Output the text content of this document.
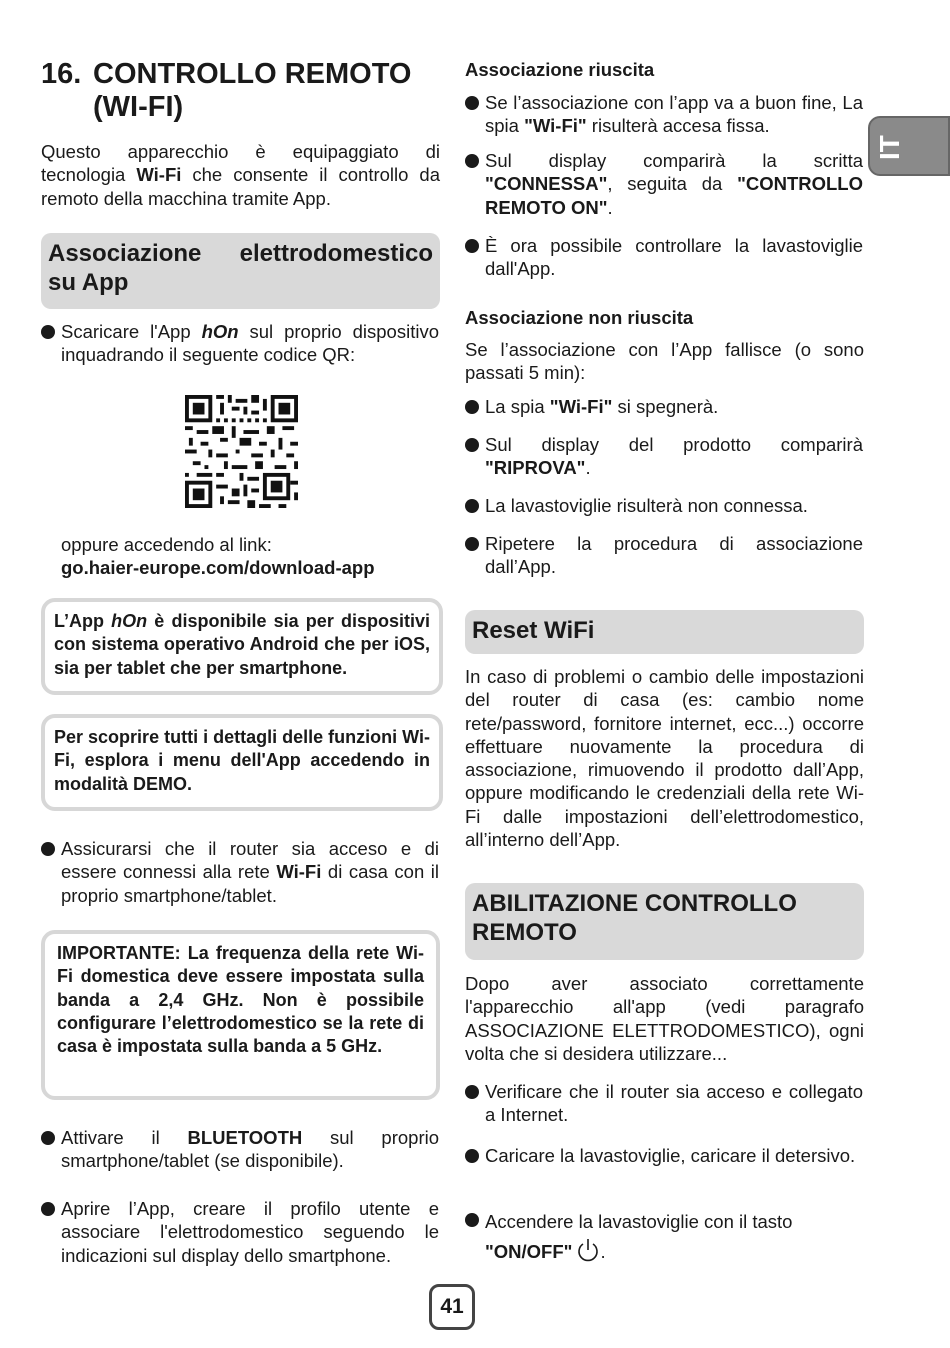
16. CONTROLLO REMOTO
(WI-FI)

Questo apparecchio è equipaggiato di tecnologia Wi-Fi che consente il controllo da remoto della macchina tramite App.

Associazione elettrodomestico su App
Scaricare l'App hOn sul proprio dispositivo inquadrando il seguente codice QR:

oppure accedendo al link:

go.haier-europe.com/download-app

L’App hOn è disponibile sia per dispositivi con sistema operativo Android che per iOS, sia per tablet che per smartphone.
Per scoprire tutti i dettagli delle funzioni Wi-Fi, esplora i menu dell'App accedendo in modalità DEMO.
Assicurarsi che il router sia acceso e di essere connessi alla rete Wi-Fi di casa con il proprio smartphone/tablet.
IMPORTANTE: La frequenza della rete Wi-Fi domestica deve essere impostata sulla banda a 2,4 GHz. Non è possibile configurare l’elettrodomestico se la rete di casa è impostata sulla banda a 5 GHz.
Attivare il BLUETOOTH sul proprio smartphone/tablet (se disponibile).
Aprire l’App, creare il profilo utente e associare l'elettrodomestico seguendo le indicazioni sul display dello smartphone.
Associazione riuscita
Se l’associazione con l’app va a buon fine, La spia "Wi-Fi" risulterà accesa fissa.
Sul display comparirà la scritta "CONNESSA", seguita da "CONTROLLO REMOTO ON".
È ora possibile controllare la lavastoviglie dall'App.
Associazione non riuscita

Se l’associazione con l’App fallisce (o sono passati 5 min):

La spia "Wi-Fi" si spegnerà.
Sul display del prodotto comparirà "RIPROVA".
La lavastoviglie risulterà non connessa.
Ripetere la procedura di associazione dall’App.
Reset WiFi

In caso di problemi o cambio delle impostazioni del router di casa (es: cambio nome rete/password, fornitore internet, ecc...) occorre effettuare nuovamente la procedura di associazione, rimuovendo il prodotto dall’App, oppure modificando le credenziali della rete Wi-Fi dalle impostazioni dell’elettrodomestico, all’interno dell’App.

ABILITAZIONE CONTROLLO REMOTO

Dopo aver associato correttamente l'apparecchio all'app (vedi paragrafo ASSOCIAZIONE ELETTRODOMESTICO), ogni volta che si desidera utilizzare...

Verificare che il router sia acceso e collegato a Internet.
Caricare la lavastoviglie, caricare il detersivo.
Accendere la lavastoviglie con il tasto
"ON/OFF" .
IT
41
